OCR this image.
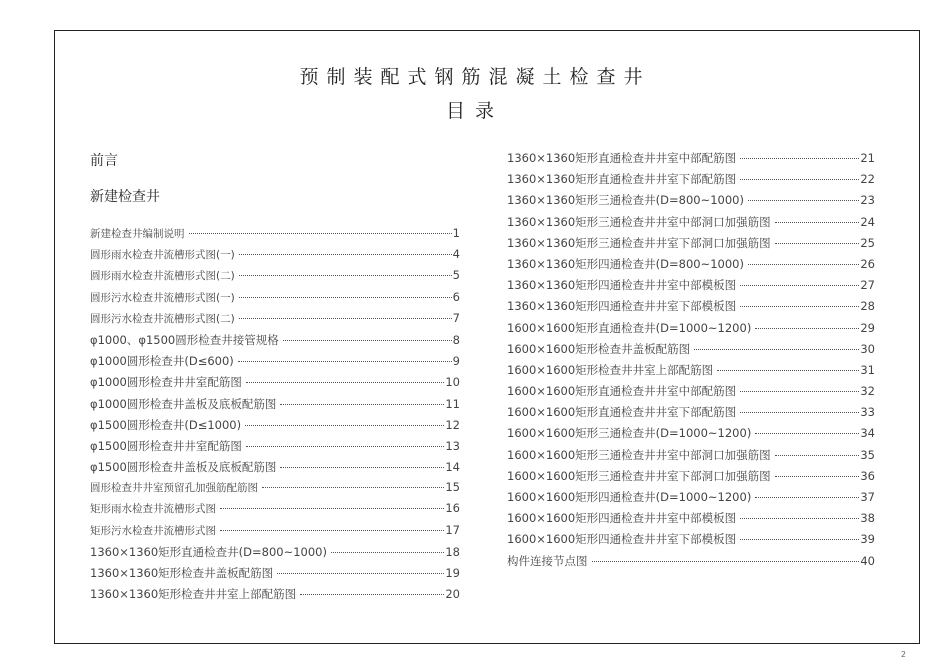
预制装配式钢筋混凝土检查井
目录
前言
新建检查井
新建检查井编制说明	1
圆形雨水检查井流槽形式图(一)	4
圆形雨水检查井流槽形式图(二)	5
圆形污水检查井流槽形式图(一)	6
圆形污水检查井流槽形式图(二)	7
φ1000、φ1500圆形检查井接管规格	8
φ1000圆形检查井(D≤600)	9
φ1000圆形检查井井室配筋图	10
φ1000圆形检查井盖板及底板配筋图	11
φ1500圆形检查井(D≤1000)	12
φ1500圆形检查井井室配筋图	13
φ1500圆形检查井盖板及底板配筋图	14
圆形检查井井室预留孔加强筋配筋图	15
矩形雨水检查井流槽形式图	16
矩形污水检查井流槽形式图	17
1360×1360矩形直通检查井(D=800~1000)	18
1360×1360矩形检查井盖板配筋图	19
1360×1360矩形检查井井室上部配筋图	20
1360×1360矩形直通检查井井室中部配筋图	21
1360×1360矩形直通检查井井室下部配筋图	22
1360×1360矩形三通检查井(D=800~1000)	23
1360×1360矩形三通检查井井室中部洞口加强筋图	24
1360×1360矩形三通检查井井室下部洞口加强筋图	25
1360×1360矩形四通检查井(D=800~1000)	26
1360×1360矩形四通检查井井室中部模板图	27
1360×1360矩形四通检查井井室下部模板图	28
1600×1600矩形直通检查井(D=1000~1200)	29
1600×1600矩形检查井盖板配筋图	30
1600×1600矩形检查井井室上部配筋图	31
1600×1600矩形直通检查井井室中部配筋图	32
1600×1600矩形直通检查井井室下部配筋图	33
1600×1600矩形三通检查井(D=1000~1200)	34
1600×1600矩形三通检查井井室中部洞口加强筋图	35
1600×1600矩形三通检查井井室下部洞口加强筋图	36
1600×1600矩形四通检查井(D=1000~1200)	37
1600×1600矩形四通检查井井室中部模板图	38
1600×1600矩形四通检查井井室下部模板图	39
构件连接节点图	40
2
